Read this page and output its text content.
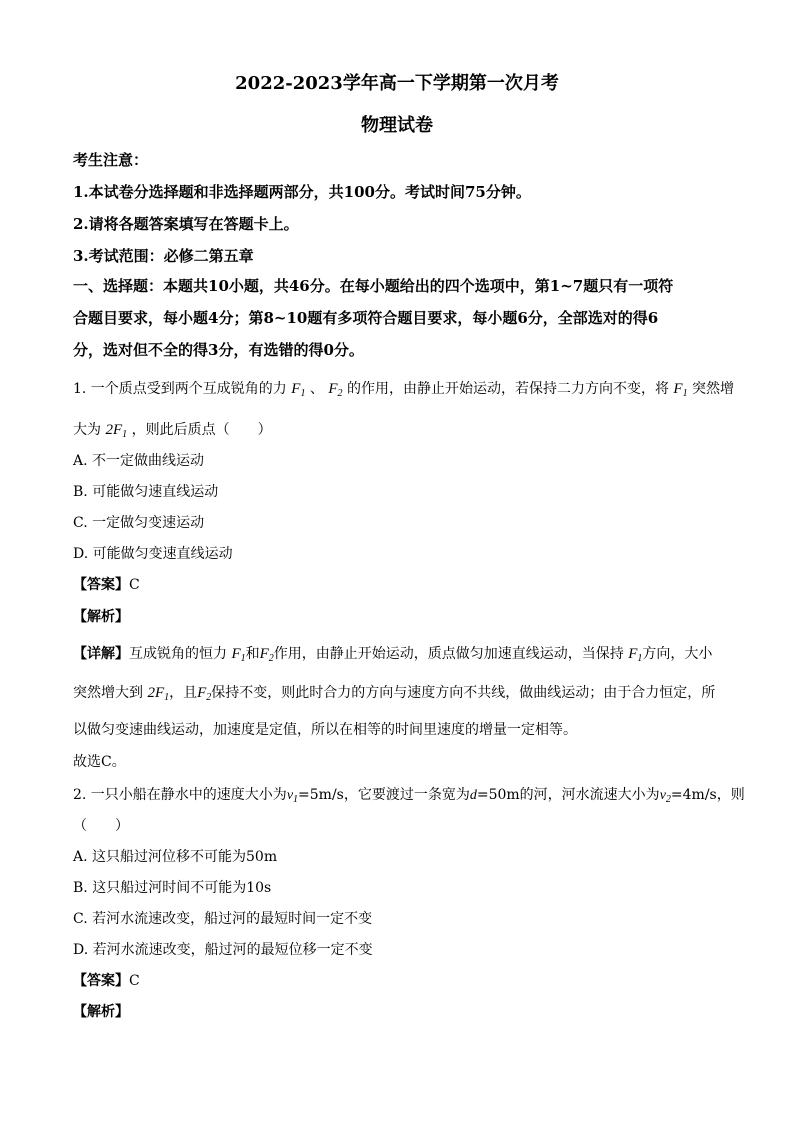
2022-2023学年高一下学期第一次月考
物理试卷
考生注意：
1.本试卷分选择题和非选择题两部分，共100分。考试时间75分钟。
2.请将各题答案填写在答题卡上。
3.考试范围：必修二第五章
一、选择题：本题共10小题，共46分。在每小题给出的四个选项中，第1~7题只有一项符
合题目要求，每小题4分；第8~10题有多项符合题目要求，每小题6分，全部选对的得6
分，选对但不全的得3分，有选错的得0分。
1. 一个质点受到两个互成锐角的力 $F_1$ 、 $F_2$ 的作用，由静止开始运动，若保持二力方向不变，将 $F_1$ 突然增
大为 $2F_1$ ，则此后质点（　　）
A. 不一定做曲线运动
B. 可能做匀速直线运动
C. 一定做匀变速运动
D. 可能做匀变速直线运动
【答案】C
【解析】
【详解】互成锐角的恒力 $F_1$和$F_2$作用，由静止开始运动，质点做匀加速直线运动，当保持 $F_1$方向，大小
突然增大到 $2F_1$，且$F_2$保持不变，则此时合力的方向与速度方向不共线，做曲线运动；由于合力恒定，所
以做匀变速曲线运动，加速度是定值，所以在相等的时间里速度的增量一定相等。
故选C。
2. 一只小船在静水中的速度大小为$v_1=5m/s$，它要渡过一条宽为d=50m的河，河水流速大小为$v_2=4m/s$，则
（　　）
A. 这只船过河位移不可能为50m
B. 这只船过河时间不可能为10s
C. 若河水流速改变，船过河的最短时间一定不变
D. 若河水流速改变，船过河的最短位移一定不变
【答案】C
【解析】
